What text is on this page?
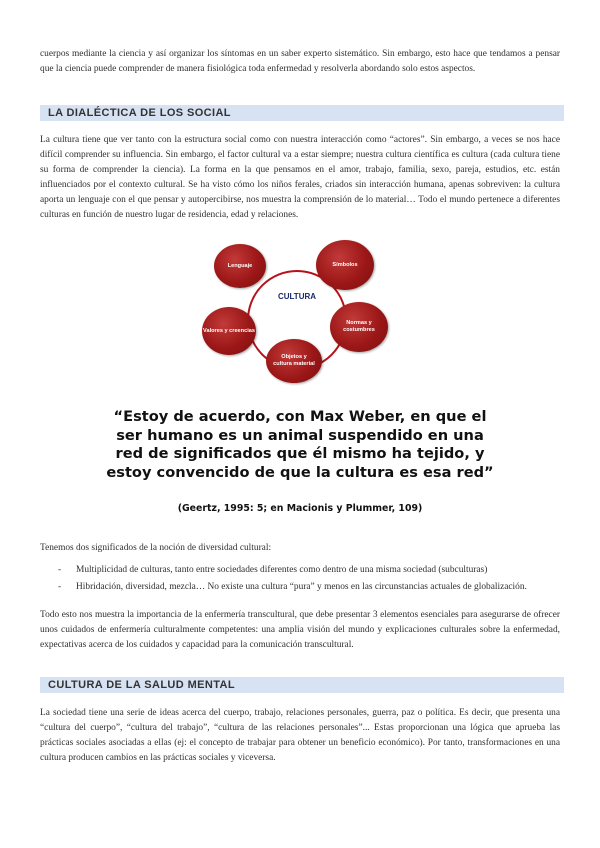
cuerpos mediante la ciencia y así organizar los síntomas en un saber experto sistemático. Sin embargo, esto hace que tendamos a pensar que la ciencia puede comprender de manera fisiológica toda enfermedad y resolverla abordando solo estos aspectos.

LA DIALÉCTICA DE LOS SOCIAL

La cultura tiene que ver tanto con la estructura social como con nuestra interacción como “actores”. Sin embargo, a veces se nos hace difícil comprender su influencia. Sin embargo, el factor cultural va a estar siempre; nuestra cultura científica es cultura (cada cultura tiene su forma de comprender la ciencia). La forma en la que pensamos en el amor, trabajo, familia, sexo, pareja, estudios, etc. están influenciados por el contexto cultural. Se ha visto cómo los niños ferales, criados sin interacción humana, apenas sobreviven: la cultura aporta un lenguaje con el que pensar y autopercibirse, nos muestra la comprensión de lo material… Todo el mundo pertenece a diferentes culturas en función de nuestro lugar de residencia, edad y relaciones.

CULTURA
Lenguaje	Símbolos
Valores y creencias
Normas y costumbres
Objetos y cultura material
“Estoy de acuerdo, con Max Weber, en que el ser humano es un animal suspendido en una red de significados que él mismo ha tejido, y estoy convencido de que la cultura es esa red”
(Geertz, 1995: 5; en Macionis y Plummer, 109)

Tenemos dos significados de la noción de diversidad cultural:

- Multiplicidad de culturas, tanto entre sociedades diferentes como dentro de una misma sociedad (subculturas)
- Hibridación, diversidad, mezcla… No existe una cultura “pura” y menos en las circunstancias actuales de globalización.

Todo esto nos muestra la importancia de la enfermería transcultural, que debe presentar 3 elementos esenciales para asegurarse de ofrecer unos cuidados de enfermería culturalmente competentes: una amplia visión del mundo y explicaciones culturales sobre la enfermedad, expectativas acerca de los cuidados y capacidad para la comunicación transcultural.

CULTURA DE LA SALUD MENTAL

La sociedad tiene una serie de ideas acerca del cuerpo, trabajo, relaciones personales, guerra, paz o política. Es decir, que presenta una “cultura del cuerpo”, “cultura del trabajo”, “cultura de las relaciones personales”... Estas proporcionan una lógica que aprueba las prácticas sociales asociadas a ellas (ej: el concepto de trabajar para obtener un beneficio económico). Por tanto, transformaciones en una cultura producen cambios en las prácticas sociales y viceversa.
